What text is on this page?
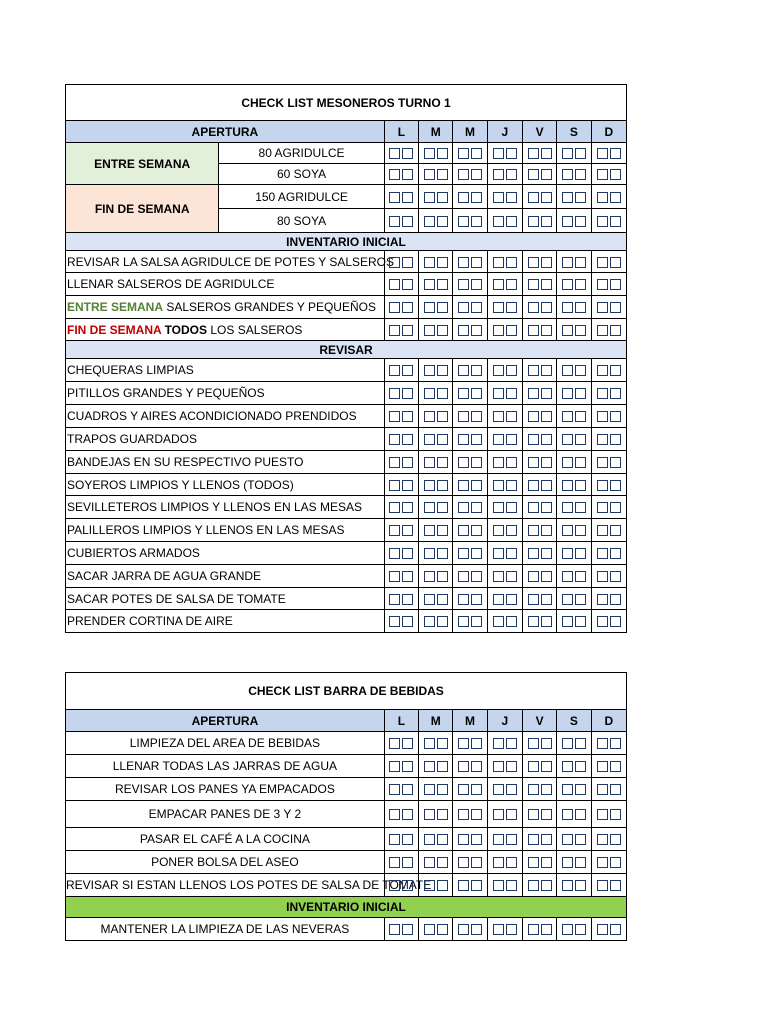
CHECK LIST MESONEROS TURNO 1								
APERTURA		L	M	M	J	V	S	D
ENTRE SEMANA	80 AGRIDULCE							
	60 SOYA							
FIN DE SEMANA	150 AGRIDULCE							
	80 SOYA							
INVENTARIO INICIAL								
REVISAR LA SALSA AGRIDULCE DE POTES Y SALSEROS								
LLENAR SALSEROS DE AGRIDULCE								
ENTRE SEMANA SALSEROS GRANDES Y PEQUEÑOS								
FIN DE SEMANA TODOS LOS SALSEROS								
REVISAR								
CHEQUERAS LIMPIAS								
PITILLOS GRANDES Y PEQUEÑOS								
CUADROS Y AIRES ACONDICIONADO PRENDIDOS								
TRAPOS GUARDADOS								
BANDEJAS EN SU RESPECTIVO PUESTO								
SOYEROS LIMPIOS Y LLENOS (TODOS)								
SEVILLETEROS LIMPIOS Y LLENOS EN LAS MESAS								
PALILLEROS LIMPIOS Y LLENOS EN LAS MESAS								
CUBIERTOS ARMADOS								
SACAR JARRA DE AGUA GRANDE								
SACAR POTES DE SALSA DE TOMATE								
PRENDER CORTINA DE AIRE								
CHECK LIST BARRA DE BEBIDAS							
APERTURA	L	M	M	J	V	S	D
LIMPIEZA DEL AREA DE BEBIDAS							
LLENAR TODAS LAS JARRAS DE AGUA							
REVISAR LOS PANES YA EMPACADOS							
EMPACAR PANES DE 3 Y 2							
PASAR EL CAFÉ A LA COCINA							
PONER BOLSA DEL ASEO							
REVISAR SI ESTAN LLENOS LOS POTES DE SALSA DE TOMATE							
INVENTARIO INICIAL							
MANTENER LA LIMPIEZA DE LAS NEVERAS							
